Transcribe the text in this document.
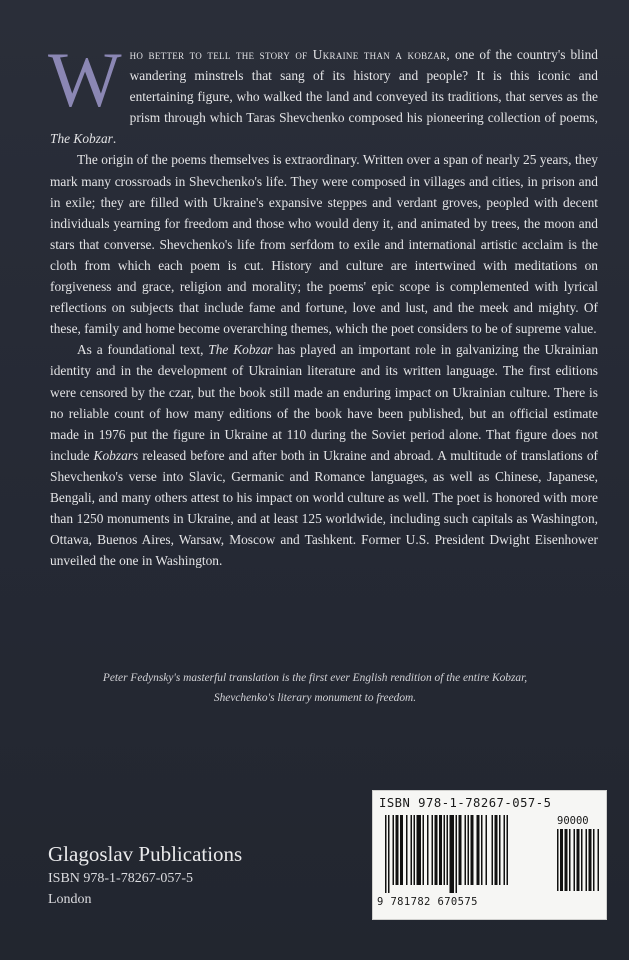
Who better to tell the story of Ukraine than a kobzar, one of the country's blind wandering minstrels that sang of its history and people? It is this iconic and entertaining figure, who walked the land and conveyed its traditions, that serves as the prism through which Taras Shevchenko composed his pioneering collection of poems, The Kobzar.

The origin of the poems themselves is extraordinary. Written over a span of nearly 25 years, they mark many crossroads in Shevchenko's life. They were composed in villages and cities, in prison and in exile; they are filled with Ukraine's expansive steppes and verdant groves, peopled with decent individuals yearning for freedom and those who would deny it, and animated by trees, the moon and stars that converse. Shevchenko's life from serfdom to exile and international artistic acclaim is the cloth from which each poem is cut. History and culture are intertwined with meditations on forgiveness and grace, religion and morality; the poems' epic scope is complemented with lyrical reflections on subjects that include fame and fortune, love and lust, and the meek and mighty. Of these, family and home become overarching themes, which the poet considers to be of supreme value.

As a foundational text, The Kobzar has played an important role in galvanizing the Ukrainian identity and in the development of Ukrainian literature and its written language. The first editions were censored by the czar, but the book still made an enduring impact on Ukrainian culture. There is no reliable count of how many editions of the book have been published, but an official estimate made in 1976 put the figure in Ukraine at 110 during the Soviet period alone. That figure does not include Kobzars released before and after both in Ukraine and abroad. A multitude of translations of Shevchenko's verse into Slavic, Germanic and Romance languages, as well as Chinese, Japanese, Bengali, and many others attest to his impact on world culture as well. The poet is honored with more than 1250 monuments in Ukraine, and at least 125 worldwide, including such capitals as Washington, Ottawa, Buenos Aires, Warsaw, Moscow and Tashkent. Former U.S. President Dwight Eisenhower unveiled the one in Washington.

Peter Fedynsky's masterful translation is the first ever English rendition of the entire Kobzar,
Shevchenko's literary monument to freedom.
Glagoslav Publications
ISBN 978-1-78267-057-5
London
ISBN 978-1-78267-057-5
90000
9 781782 670575
